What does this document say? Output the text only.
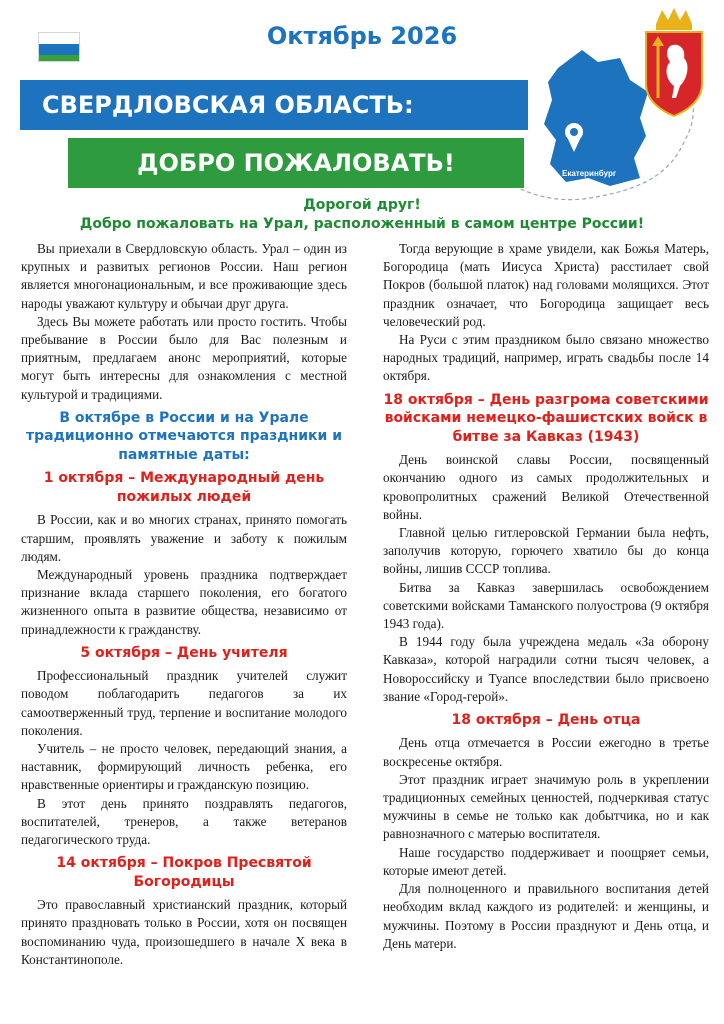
Октябрь 2026
Екатеринбург
СВЕРДЛОВСКАЯ ОБЛАСТЬ:
ДОБРО ПОЖАЛОВАТЬ!
Дорогой друг!
Добро пожаловать на Урал, расположенный в самом центре России!

Вы приехали в Свердловскую область. Урал – один из крупных и развитых регионов России. Наш регион является многонациональным, и все проживающие здесь народы уважают культуру и обычаи друг друга.

Здесь Вы можете работать или просто гостить. Чтобы пребывание в России было для Вас полезным и приятным, предлагаем анонс мероприятий, которые могут быть интересны для ознакомления с местной культурой и традициями.

В октябре в России и на Урале традиционно отмечаются праздники и памятные даты:
1 октября – Международный день пожилых людей

В России, как и во многих странах, принято помогать старшим, проявлять уважение и заботу к пожилым людям.

Международный уровень праздника подтверждает признание вклада старшего поколения, его богатого жизненного опыта в развитие общества, независимо от принадлежности к гражданству.

5 октября – День учителя

Профессиональный праздник учителей служит поводом поблагодарить педагогов за их самоотверженный труд, терпение и воспитание молодого поколения.

Учитель – не просто человек, передающий знания, а наставник, формирующий личность ребенка, его нравственные ориентиры и гражданскую позицию.

В этот день принято поздравлять педагогов, воспитателей, тренеров, а также ветеранов педагогического труда.

14 октября – Покров Пресвятой Богородицы

Это православный христианский праздник, который принято праздновать только в России, хотя он посвящен воспоминанию чуда, произошедшего в начале X века в Константинополе.

Тогда верующие в храме увидели, как Божья Матерь, Богородица (мать Иисуса Христа) расстилает свой Покров (большой платок) над головами молящихся. Этот праздник означает, что Богородица защищает весь человеческий род.

На Руси с этим праздником было связано множество народных традиций, например, играть свадьбы после 14 октября.

18 октября – День разгрома советскими войсками немецко-фашистских войск в битве за Кавказ (1943)

День воинской славы России, посвященный окончанию одного из самых продолжительных и кровопролитных сражений Великой Отечественной войны.

Главной целью гитлеровской Германии была нефть, заполучив которую, горючего хватило бы до конца войны, лишив СССР топлива.

Битва за Кавказ завершилась освобождением советскими войсками Таманского полуострова (9 октября 1943 года).

В 1944 году была учреждена медаль «За оборону Кавказа», которой наградили сотни тысяч человек, а Новороссийску и Туапсе впоследствии было присвоено звание «Город-герой».

18 октября – День отца

День отца отмечается в России ежегодно в третье воскресенье октября.

Этот праздник играет значимую роль в укреплении традиционных семейных ценностей, подчеркивая статус мужчины в семье не только как добытчика, но и как равнозначного с матерью воспитателя.

Наше государство поддерживает и поощряет семьи, которые имеют детей.

Для полноценного и правильного воспитания детей необходим вклад каждого из родителей: и женщины, и мужчины. Поэтому в России празднуют и День отца, и День матери.
